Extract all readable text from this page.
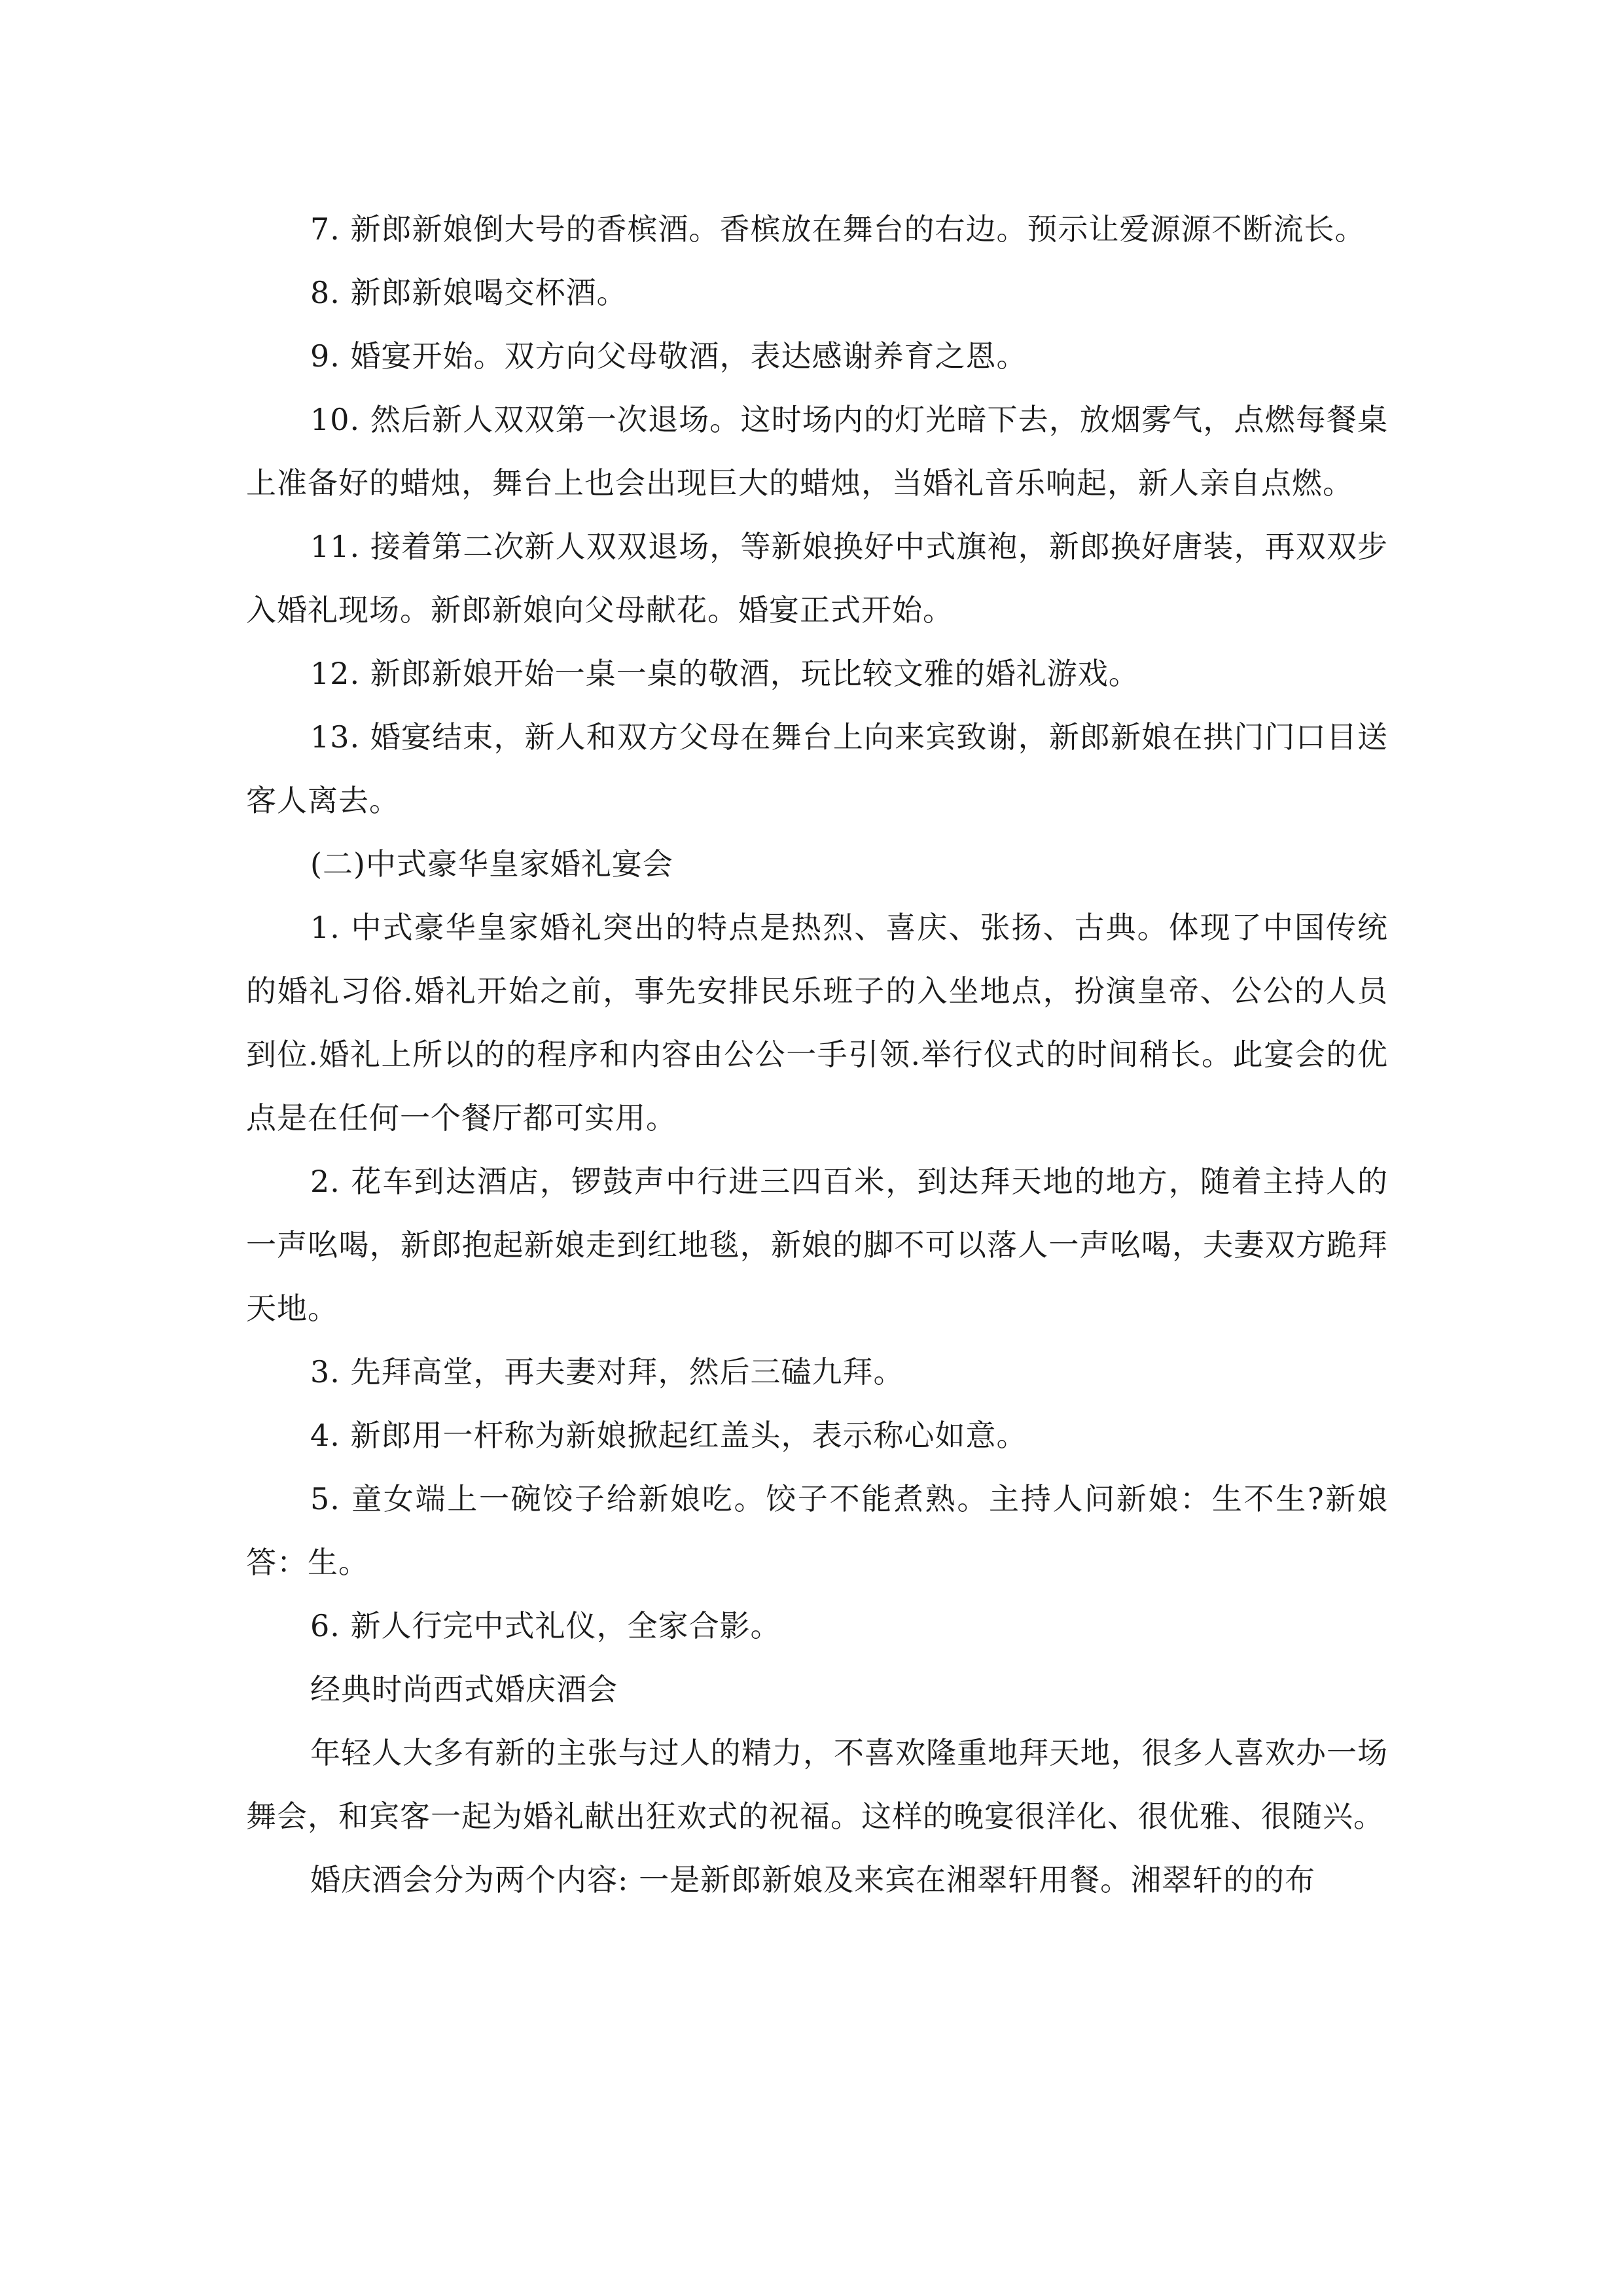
7. 新郎新娘倒大号的香槟酒。香槟放在舞台的右边。预示让爱源源不断流长。

8. 新郎新娘喝交杯酒。

9. 婚宴开始。双方向父母敬酒，表达感谢养育之恩。

10. 然后新人双双第一次退场。这时场内的灯光暗下去，放烟雾气，点燃每餐桌 上准备好的蜡烛，舞台上也会出现巨大的蜡烛，当婚礼音乐响起，新人亲自点燃。

11. 接着第二次新人双双退场，等新娘换好中式旗袍，新郎换好唐装，再双双步入婚礼现场。新郎新娘向父母献花。婚宴正式开始。

12. 新郎新娘开始一桌一桌的敬酒，玩比较文雅的婚礼游戏。

13. 婚宴结束，新人和双方父母在舞台上向来宾致谢，新郎新娘在拱门门口目送客人离去。

(二)中式豪华皇家婚礼宴会

1. 中式豪华皇家婚礼突出的特点是热烈、喜庆、张扬、古典。体现了中国传统的婚礼习俗.婚礼开始之前，事先安排民乐班子的入坐地点，扮演皇帝、公公的人员到位.婚礼上所以的的程序和内容由公公一手引领.举行仪式的时间稍长。此宴会的优点是在任何一个餐厅都可实用。

2. 花车到达酒店，锣鼓声中行进三四百米，到达拜天地的地方，随着主持人的一声吆喝，新郎抱起新娘走到红地毯，新娘的脚不可以落人一声吆喝，夫妻双方跪拜天地。

3. 先拜高堂，再夫妻对拜，然后三磕九拜。

4. 新郎用一杆称为新娘掀起红盖头，表示称心如意。

5. 童女端上一碗饺子给新娘吃。饺子不能煮熟。主持人问新娘：生不生?新娘答：生。

6. 新人行完中式礼仪，全家合影。

经典时尚西式婚庆酒会

年轻人大多有新的主张与过人的精力，不喜欢隆重地拜天地，很多人喜欢办一场舞会，和宾客一起为婚礼献出狂欢式的祝福。这样的晚宴很洋化、很优雅、很随兴。

婚庆酒会分为两个内容: 一是新郎新娘及来宾在湘翠轩用餐。湘翠轩的的布
